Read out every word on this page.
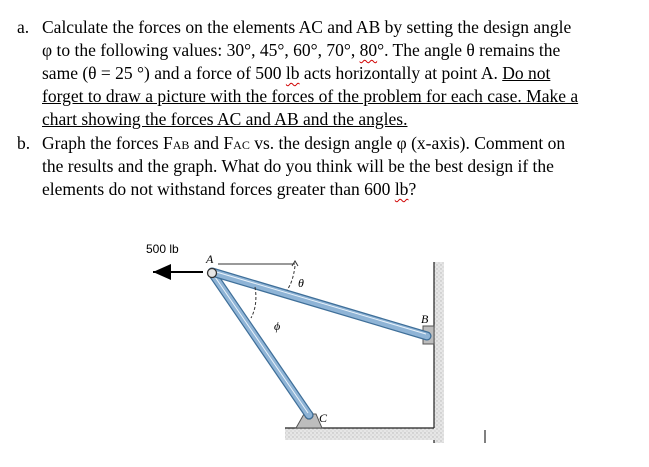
a. Calculate the forces on the elements AC and AB by setting the design angle
φ to the following values: 30°, 45°, 60°, 70°, 80°. The angle θ remains the
same (θ = 25 °) and a force of 500 lb acts horizontally at point A. Do not
forget to draw a picture with the forces of the problem for each case. Make a
chart showing the forces AC and AB and the angles.
b. Graph the forces FAB and FAC vs. the design angle φ (x-axis). Comment on
the results and the graph. What do you think will be the best design if the
elements do not withstand forces greater than 600 lb?
500 lb
A
B
C
θ
ϕ
